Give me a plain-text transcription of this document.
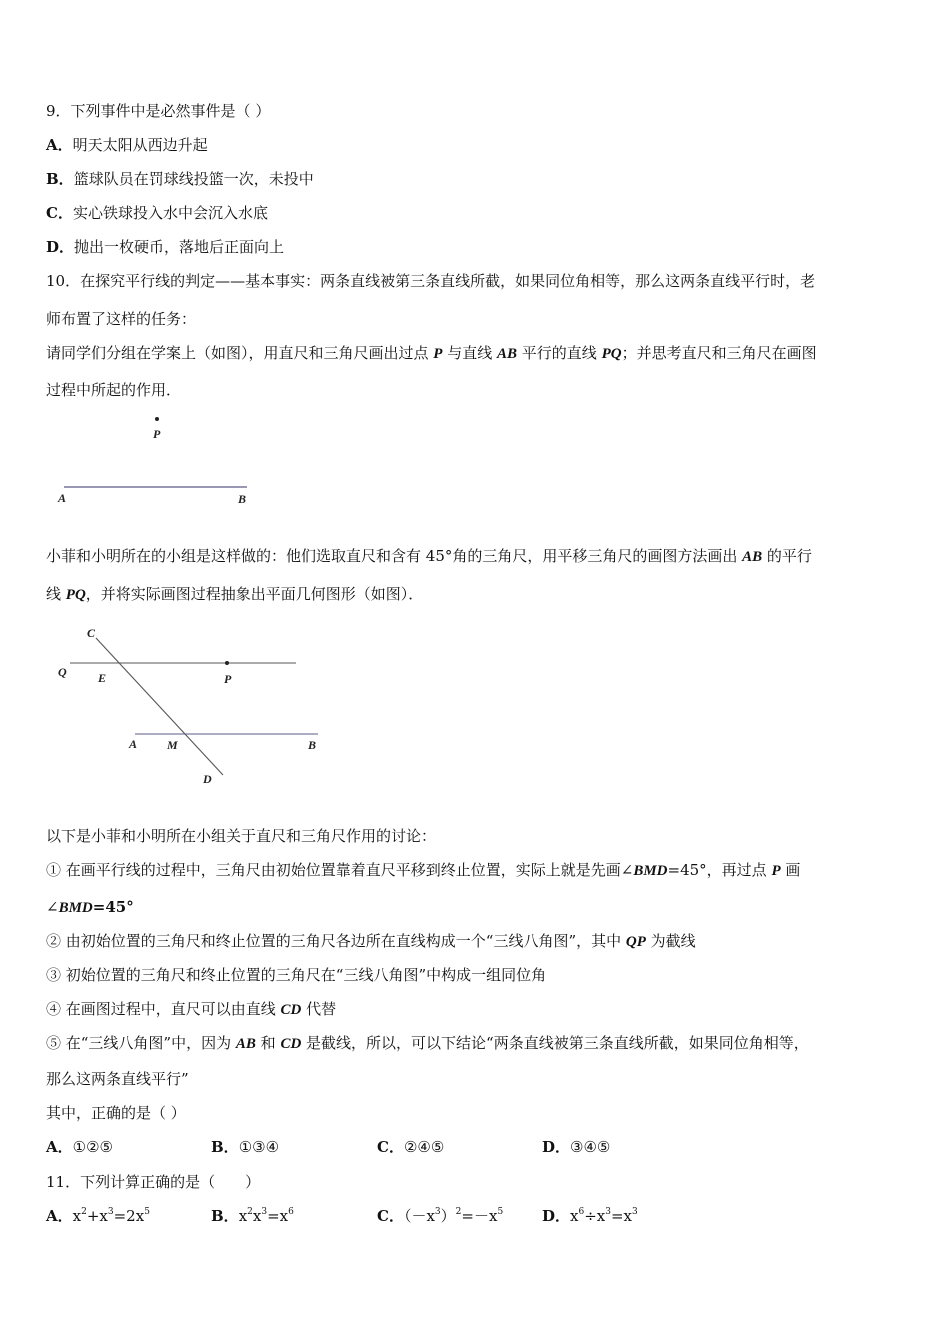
9．下列事件中是必然事件是（ ）
A．明天太阳从西边升起
B．篮球队员在罚球线投篮一次，未投中
C．实心铁球投入水中会沉入水底
D．抛出一枚硬币，落地后正面向上
10．在探究平行线的判定——基本事实：两条直线被第三条直线所截，如果同位角相等，那么这两条直线平行时，老
师布置了这样的任务：
请同学们分组在学案上（如图），用直尺和三角尺画出过点 P 与直线 AB 平行的直线 PQ；并思考直尺和三角尺在画图
过程中所起的作用．
P
A	B
小菲和小明所在的小组是这样做的：他们选取直尺和含有 45°角的三角尺，用平移三角尺的画图方法画出 AB 的平行
线 PQ，并将实际画图过程抽象出平面几何图形（如图）．
C
Q	E	P
A M	B
D
以下是小菲和小明所在小组关于直尺和三角尺作用的讨论：
① 在画平行线的过程中，三角尺由初始位置靠着直尺平移到终止位置，实际上就是先画∠BMD=45°，再过点 P 画
∠BMD=45°
② 由初始位置的三角尺和终止位置的三角尺各边所在直线构成一个“三线八角图”，其中 QP 为截线
③ 初始位置的三角尺和终止位置的三角尺在“三线八角图”中构成一组同位角
④ 在画图过程中，直尺可以由直线 CD 代替
⑤ 在“三线八角图”中，因为 AB 和 CD 是截线，所以，可以下结论“两条直线被第三条直线所截，如果同位角相等，
那么这两条直线平行”
其中，正确的是（ ）
A．①②⑤	B．①③④	C．②④⑤	D．③④⑤
11．下列计算正确的是（　　）
A．$x^2+x^3=2x^5$	B．$x^2x^3=x^6$	C．$(-x^3)^2=-x^5$	D．$x^6\div x^3=x^3$
